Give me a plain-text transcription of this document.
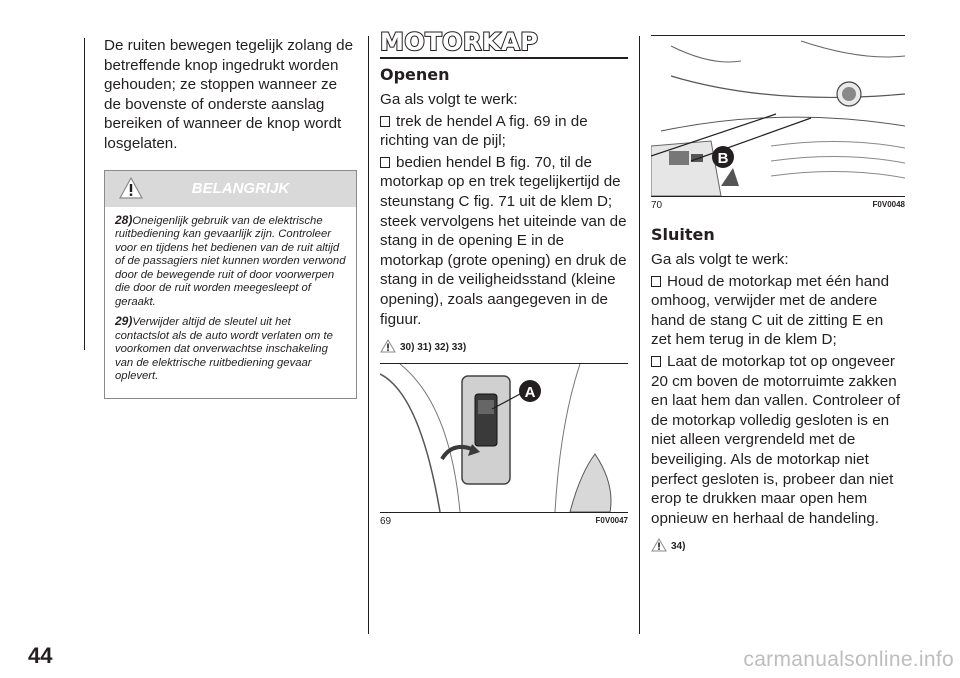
De ruiten bewegen tegelijk zolang de betreffende knop ingedrukt worden gehouden; ze stoppen wanneer ze de bovenste of onderste aanslag bereiken of wanneer de knop wordt losgelaten.

BELANGRIJK
28)Oneigenlijk gebruik van de elektrische ruitbediening kan gevaarlijk zijn. Controleer voor en tijdens het bedienen van de ruit altijd of de passagiers niet kunnen worden verwond door de bewegende ruit of door voorwerpen die door de ruit worden meegesleept of geraakt.
29)Verwijder altijd de sleutel uit het contactslot als de auto wordt verlaten om te voorkomen dat onverwachtse inschakeling van de elektrische ruitbediening gevaar oplevert.
MOTORKAP
Openen

Ga als volgt te werk:

trek de hendel A fig. 69 in de richting van de pijl;

bedien hendel B fig. 70, til de motorkap op en trek tegelijkertijd de steunstang C fig. 71 uit de klem D; steek vervolgens het uiteinde van de stang in de opening E in de motorkap (grote opening) en druk de stang in de veiligheidsstand (kleine opening), zoals aangegeven in de figuur.

30) 31) 32) 33)
A
69	F0V0047
B
70	F0V0048
Sluiten

Ga als volgt te werk:

Houd de motorkap met één hand omhoog, verwijder met de andere hand de stang C uit de zitting E en zet hem terug in de klem D;

Laat de motorkap tot op ongeveer 20 cm boven de motorruimte zakken en laat hem dan vallen. Controleer of de motorkap volledig gesloten is en niet alleen vergrendeld met de beveiliging. Als de motorkap niet perfect gesloten is, probeer dan niet erop te drukken maar open hem opnieuw en herhaal de handeling.

34)
44	carmanualsonline.info
